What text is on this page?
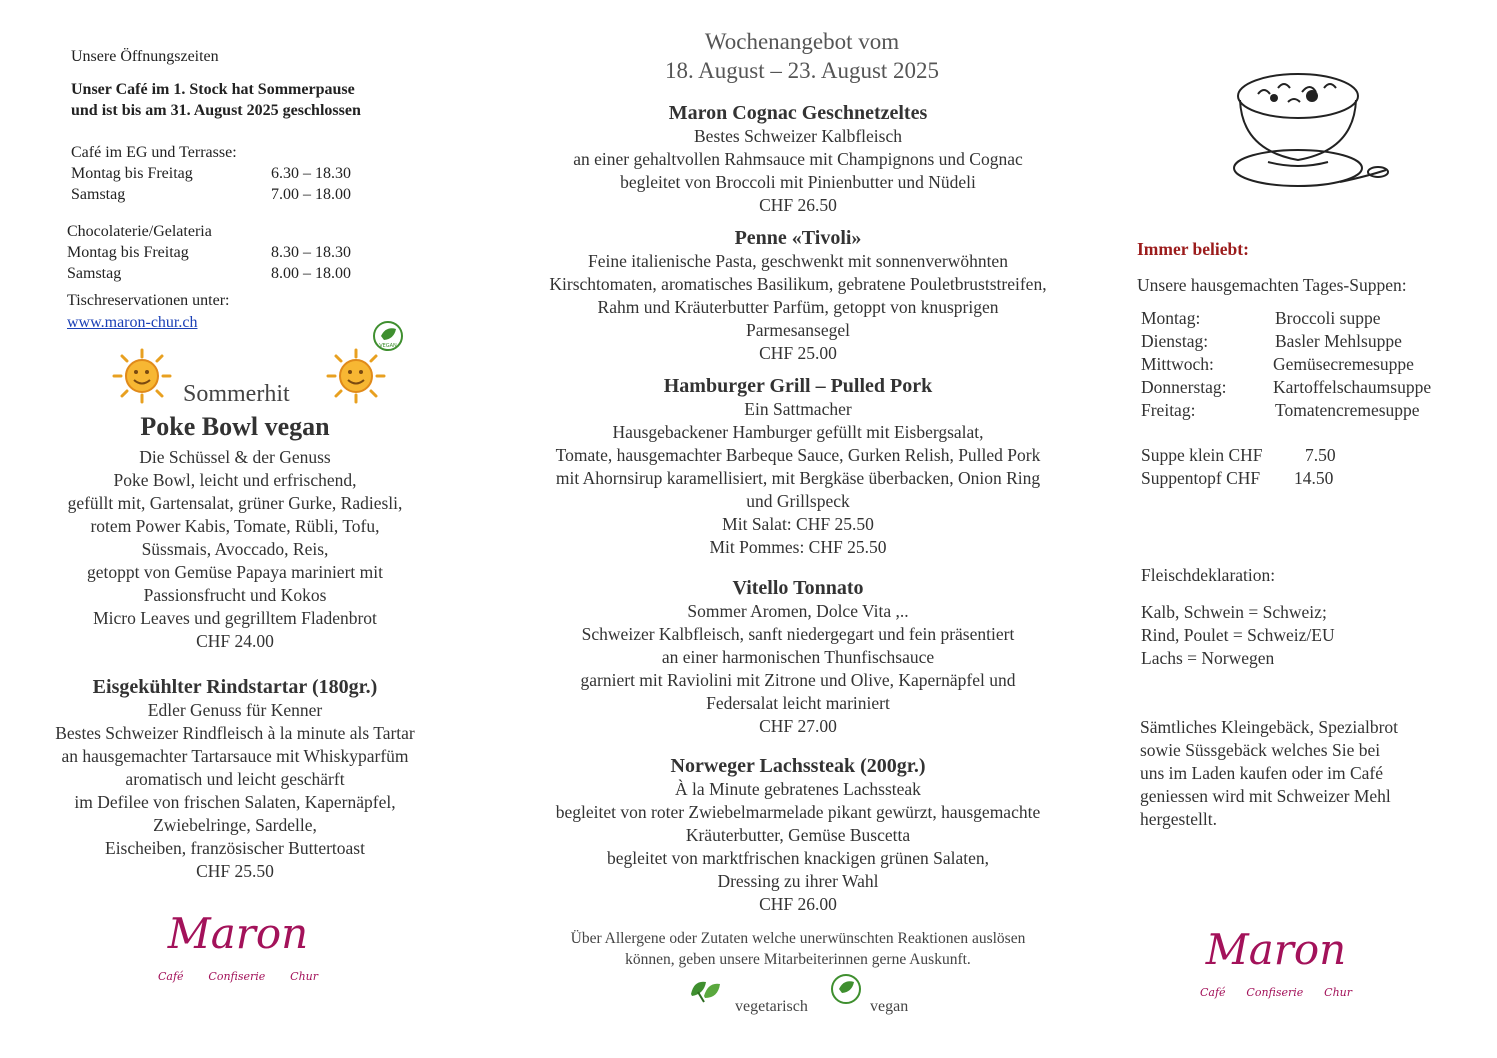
Unsere Öffnungszeiten
Unser Café im 1. Stock hat Sommerpause
und ist bis am 31. August 2025 geschlossen
Café im EG und Terrasse:
Montag bis Freitag	6.30 – 18.30
Samstag	7.00 – 18.00
Chocolaterie/Gelateria
Montag bis Freitag	8.30 – 18.30
Samstag	8.00 – 18.00
Tischreservationen unter:
www.maron-chur.ch
VEGAN
Sommerhit
Poke Bowl vegan
Die Schüssel & der Genuss
Poke Bowl, leicht und erfrischend,
gefüllt mit, Gartensalat, grüner Gurke, Radiesli,
rotem Power Kabis, Tomate, Rübli, Tofu,
Süssmais, Avoccado, Reis,
getoppt von Gemüse Papaya mariniert mit
Passionsfrucht und Kokos
Micro Leaves und gegrilltem Fladenbrot
CHF 24.00
Eisgekühlter Rindstartar (180gr.)
Edler Genuss für Kenner
Bestes Schweizer Rindfleisch à la minute als Tartar
an hausgemachter Tartarsauce mit Whiskyparfüm
aromatisch und leicht geschärft
im Defilee von frischen Salaten, Kapernäpfel,
Zwiebelringe, Sardelle,
Eischeiben, französischer Buttertoast
CHF 25.50
Maron
Café Confiserie Chur
Wochenangebot vom
18. August – 23. August 2025
Maron Cognac Geschnetzeltes
Bestes Schweizer Kalbfleisch
an einer gehaltvollen Rahmsauce mit Champignons und Cognac
begleitet von Broccoli mit Pinienbutter und Nüdeli
CHF 26.50
Penne «Tivoli»
Feine italienische Pasta, geschwenkt mit sonnenverwöhnten
Kirschtomaten, aromatisches Basilikum, gebratene Pouletbruststreifen,
Rahm und Kräuterbutter Parfüm, getoppt von knusprigen
Parmesansegel
CHF 25.00
Hamburger Grill – Pulled Pork
Ein Sattmacher
Hausgebackener Hamburger gefüllt mit Eisbergsalat,
Tomate, hausgemachter Barbeque Sauce, Gurken Relish, Pulled Pork
mit Ahornsirup karamellisiert, mit Bergkäse überbacken, Onion Ring
und Grillspeck
Mit Salat: CHF 25.50
Mit Pommes: CHF 25.50
Vitello Tonnato
Sommer Aromen, Dolce Vita ,..
Schweizer Kalbfleisch, sanft niedergegart und fein präsentiert
an einer harmonischen Thunfischsauce
garniert mit Raviolini mit Zitrone und Olive, Kapernäpfel und
Federsalat leicht mariniert
CHF 27.00
Norweger Lachssteak (200gr.)
À la Minute gebratenes Lachssteak
begleitet von roter Zwiebelmarmelade pikant gewürzt, hausgemachte
Kräuterbutter, Gemüse Buscetta
begleitet von marktfrischen knackigen grünen Salaten,
Dressing zu ihrer Wahl
CHF 26.00
Über Allergene oder Zutaten welche unerwünschten Reaktionen auslösen
können, geben unsere Mitarbeiterinnen gerne Auskunft.
vegetarisch	vegan
Immer beliebt:
Unsere hausgemachten Tages-Suppen:
Montag:	Broccoli suppe
Dienstag:	Basler Mehlsuppe
Mittwoch:	Gemüsecremesuppe
Donnerstag:	Kartoffelschaumsuppe
Freitag:	Tomatencremesuppe
Suppe klein CHF	7.50
Suppentopf CHF	14.50
Fleischdeklaration:
Kalb, Schwein = Schweiz;
Rind, Poulet = Schweiz/EU
Lachs = Norwegen
Sämtliches Kleingebäck, Spezialbrot
sowie Süssgebäck welches Sie bei
uns im Laden kaufen oder im Café
geniessen wird mit Schweizer Mehl
hergestellt.
Maron
Café Confiserie Chur
